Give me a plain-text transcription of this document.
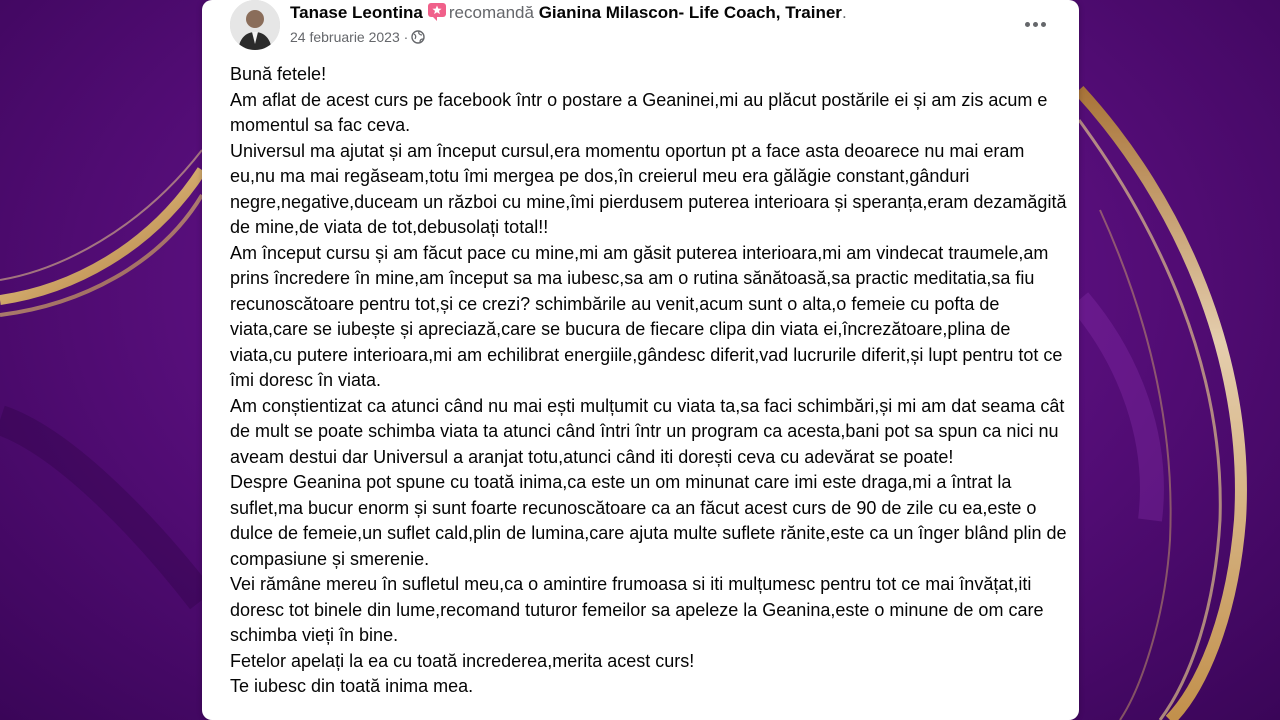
Tanase Leontina recomandă Gianina Milascon- Life Coach, Trainer.
24 februarie 2023 ·

Bună fetele!

Am aflat de acest curs pe facebook într o postare a Geaninei,mi au plăcut postările ei și am zis acum e momentul sa fac ceva.

Universul ma ajutat și am început cursul,era momentu oportun pt a face asta deoarece nu mai eram eu,nu ma mai regăseam,totu îmi mergea pe dos,în creierul meu era gălăgie constant,gânduri negre,negative,duceam un război cu mine,îmi pierdusem puterea interioara și speranța,eram dezamăgită de mine,de viata de tot,debusolați total!!

Am început cursu și am făcut pace cu mine,mi am găsit puterea interioara,mi am vindecat traumele,am prins încredere în mine,am început sa ma iubesc,sa am o rutina sănătoasă,sa practic meditatia,sa fiu recunoscătoare pentru tot,și ce crezi? schimbările au venit,acum sunt o alta,o femeie cu pofta de viata,care se iubește și apreciază,care se bucura de fiecare clipa din viata ei,încrezătoare,plina de viata,cu putere interioara,mi am echilibrat energiile,gândesc diferit,vad lucrurile diferit,și lupt pentru tot ce îmi doresc în viata.

Am conștientizat ca atunci când nu mai ești mulțumit cu viata ta,sa faci schimbări,și mi am dat seama cât de mult se poate schimba viata ta atunci când întri într un program ca acesta,bani pot sa spun ca nici nu aveam destui dar Universul a aranjat totu,atunci când iti dorești ceva cu adevărat se poate!

Despre Geanina pot spune cu toată inima,ca este un om minunat care imi este draga,mi a întrat la suflet,ma bucur enorm și sunt foarte recunoscătoare ca an făcut acest curs de 90 de zile cu ea,este o dulce de femeie,un suflet cald,plin de lumina,care ajuta multe suflete rănite,este ca un înger blând plin de compasiune și smerenie.

Vei rămâne mereu în sufletul meu,ca o amintire frumoasa si iti mulțumesc pentru tot ce mai învățat,iti doresc tot binele din lume,recomand tuturor femeilor sa apeleze la Geanina,este o minune de om care schimba vieți în bine.

Fetelor apelați la ea cu toată increderea,merita acest curs!

Te iubesc din toată inima mea.
